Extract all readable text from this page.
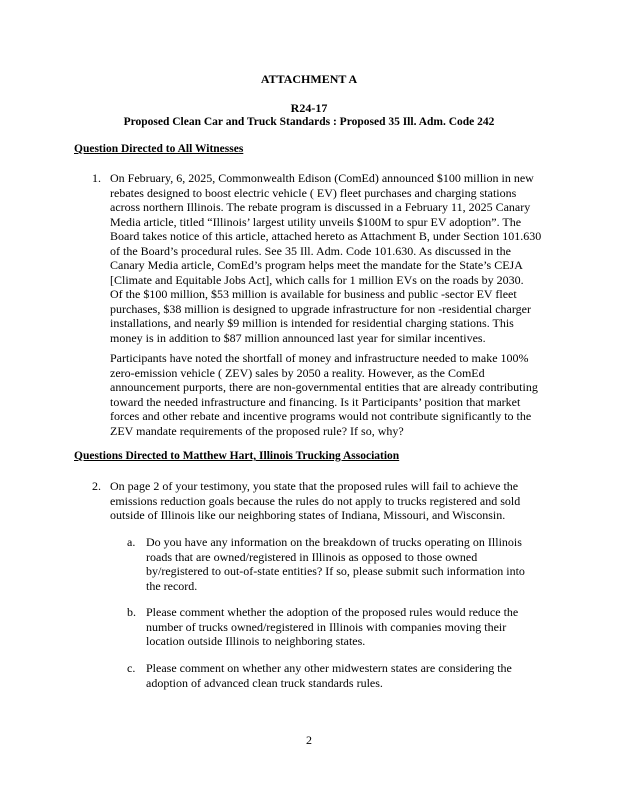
ATTACHMENT A
R24-17
Proposed Clean Car and Truck Standards : Proposed 35 Ill. Adm. Code 242
Question Directed to All Witnesses
1. On February, 6, 2025, Commonwealth Edison (ComEd) announced $100 million in new
rebates designed to boost electric vehicle ( EV) fleet purchases and charging stations
across northern Illinois. The rebate program is discussed in a February 11, 2025 Canary
Media article, titled “Illinois’ largest utility unveils $100M to spur EV adoption”. The
Board takes notice of this article, attached hereto as Attachment B, under Section 101.630
of the Board’s procedural rules. See 35 Ill. Adm. Code 101.630. As discussed in the
Canary Media article, ComEd’s program helps meet the mandate for the State’s CEJA
[Climate and Equitable Jobs Act], which calls for 1 million EVs on the roads by 2030.
Of the $100 million, $53 million is available for business and public -sector EV fleet
purchases, $38 million is designed to upgrade infrastructure for non -residential charger
installations, and nearly $9 million is intended for residential charging stations. This
money is in addition to $87 million announced last year for similar incentives.
Participants have noted the shortfall of money and infrastructure needed to make 100%
zero-emission vehicle ( ZEV) sales by 2050 a reality. However, as the ComEd
announcement purports, there are non-governmental entities that are already contributing
toward the needed infrastructure and financing. Is it Participants’ position that market
forces and other rebate and incentive programs would not contribute significantly to the
ZEV mandate requirements of the proposed rule? If so, why?
Questions Directed to Matthew Hart, Illinois Trucking Association
2. On page 2 of your testimony, you state that the proposed rules will fail to achieve the
emissions reduction goals because the rules do not apply to trucks registered and sold
outside of Illinois like our neighboring states of Indiana, Missouri, and Wisconsin.
a. Do you have any information on the breakdown of trucks operating on Illinois
roads that are owned/registered in Illinois as opposed to those owned
by/registered to out-of-state entities? If so, please submit such information into
the record.
b. Please comment whether the adoption of the proposed rules would reduce the
number of trucks owned/registered in Illinois with companies moving their
location outside Illinois to neighboring states.
c. Please comment on whether any other midwestern states are considering the
adoption of advanced clean truck standards rules.
2
